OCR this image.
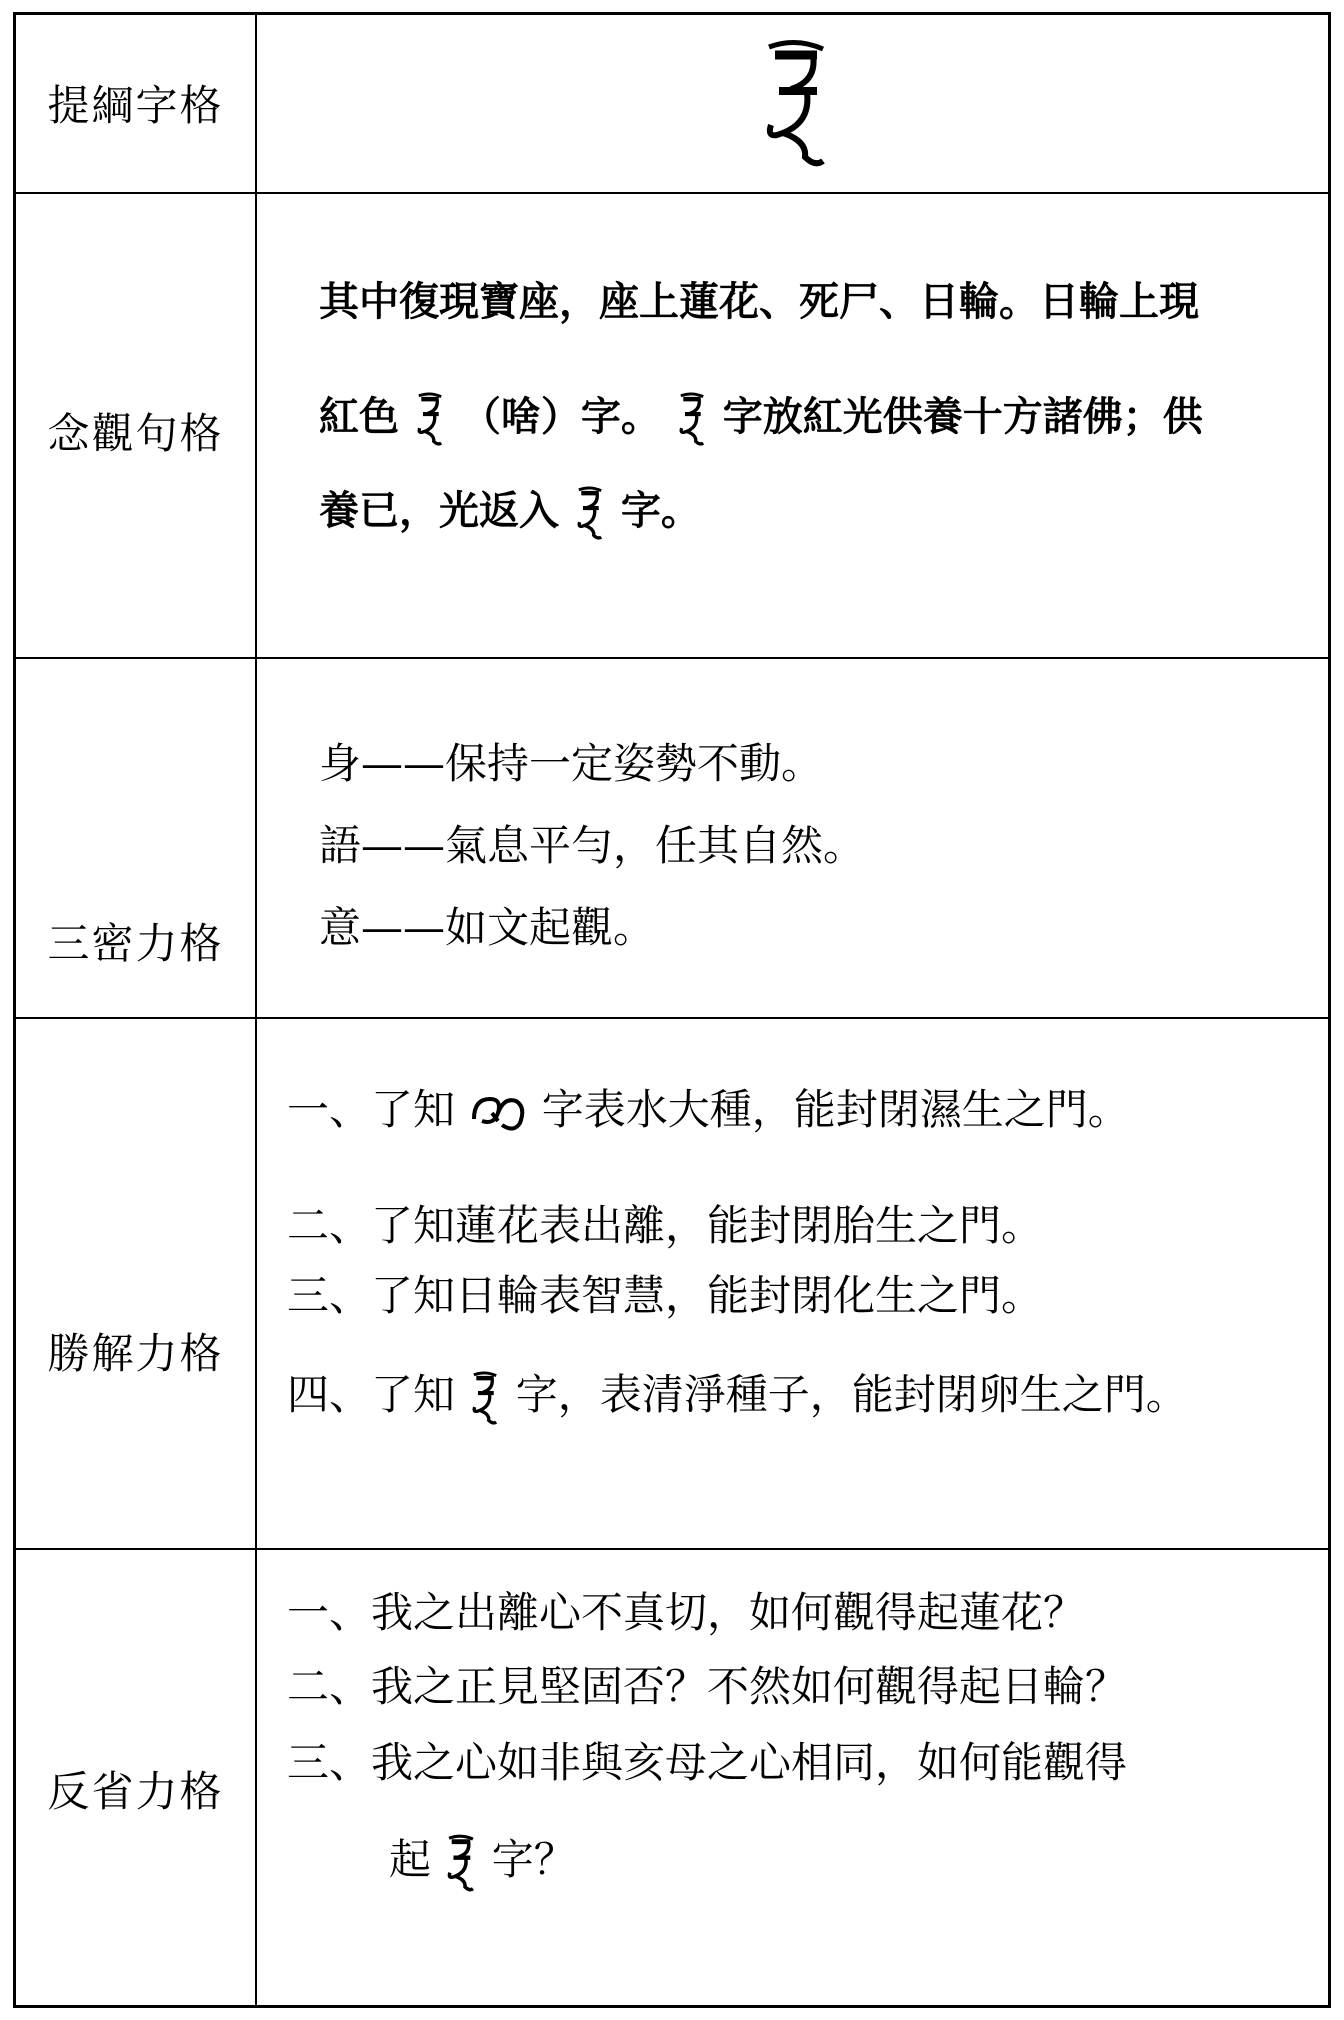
提綱字格
念觀句格
其中復現寶座，座上蓮花、死尸、日輪。日輪上現
紅色 （啥）字。 字放紅光供養十方諸佛；供
養已，光返入 字。
三密力格
身——保持一定姿勢不動。
語——氣息平勻，任其自然。
意——如文起觀。
勝解力格
一、了知 字表水大種，能封閉濕生之門。
二、了知蓮花表出離，能封閉胎生之門。
三、了知日輪表智慧，能封閉化生之門。
四、了知 字，表清淨種子，能封閉卵生之門。
反省力格
一、我之出離心不真切，如何觀得起蓮花？
二、我之正見堅固否？不然如何觀得起日輪？
三、我之心如非與亥母之心相同，如何能觀得
起 字？
